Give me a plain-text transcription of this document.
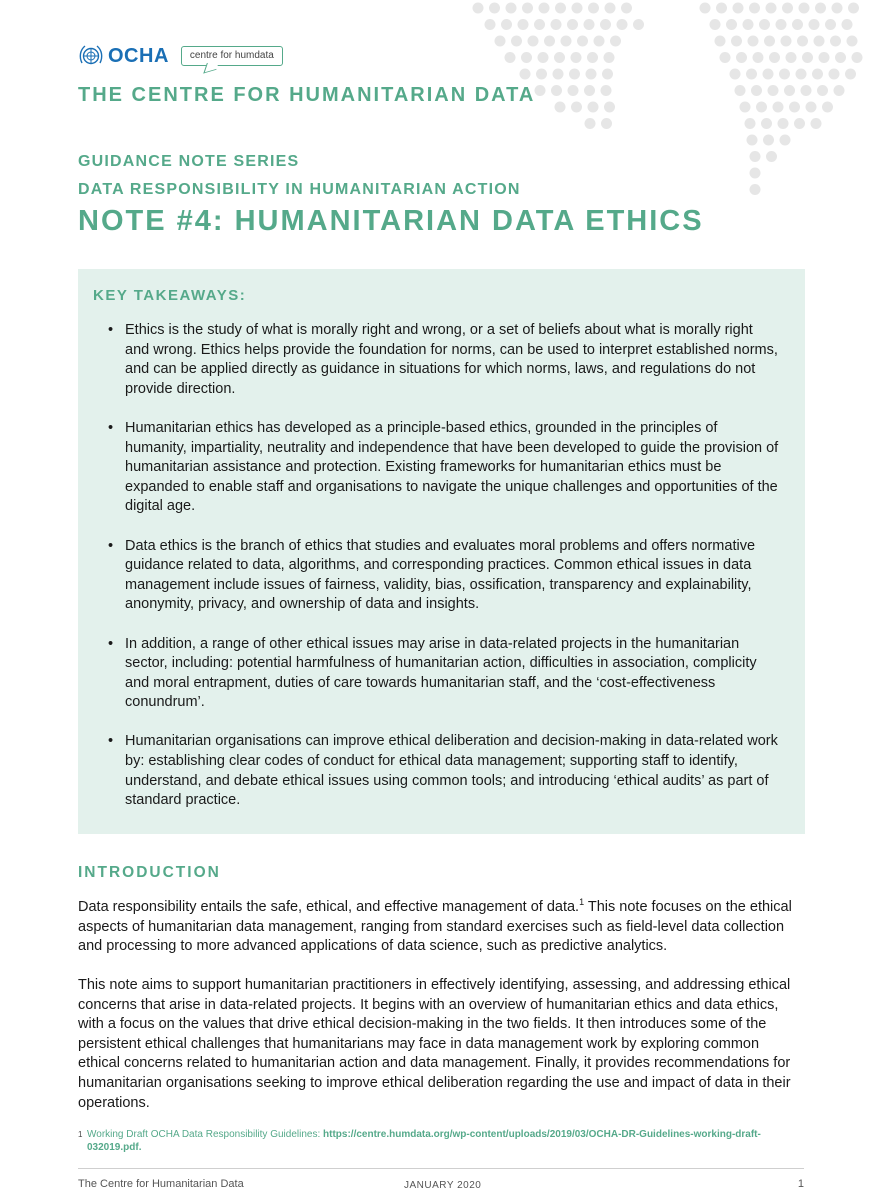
OCHA	centre for humdata
THE CENTRE FOR HUMANITARIAN DATA
GUIDANCE NOTE SERIES
DATA RESPONSIBILITY IN HUMANITARIAN ACTION
NOTE #4: HUMANITARIAN DATA ETHICS
KEY TAKEAWAYS:
• Ethics is the study of what is morally right and wrong, or a set of beliefs about what is morally right and wrong. Ethics helps provide the foundation for norms, can be used to interpret established norms, and can be applied directly as guidance in situations for which norms, laws, and regulations do not provide direction.
• Humanitarian ethics has developed as a principle-based ethics, grounded in the principles of humanity, impartiality, neutrality and independence that have been developed to guide the provision of humanitarian assistance and protection. Existing frameworks for humanitarian ethics must be expanded to enable staff and organisations to navigate the unique challenges and opportunities of the digital age.
• Data ethics is the branch of ethics that studies and evaluates moral problems and offers normative guidance related to data, algorithms, and corresponding practices. Common ethical issues in data management include issues of fairness, validity, bias, ossification, transparency and explainability, anonymity, privacy, and ownership of data and insights.
• In addition, a range of other ethical issues may arise in data-related projects in the humanitarian sector, including: potential harmfulness of humanitarian action, difficulties in association, complicity and moral entrapment, duties of care towards humanitarian staff, and the ‘cost-effectiveness conundrum’.
• Humanitarian organisations can improve ethical deliberation and decision-making in data-related work by: establishing clear codes of conduct for ethical data management; supporting staff to identify, understand, and debate ethical issues using common tools; and introducing ‘ethical audits’ as part of standard practice.
INTRODUCTION

Data responsibility entails the safe, ethical, and effective management of data.$^1$ This note focuses on the ethical aspects of humanitarian data management, ranging from standard exercises such as field-level data collection and processing to more advanced applications of data science, such as predictive analytics.

This note aims to support humanitarian practitioners in effectively identifying, assessing, and addressing ethical concerns that arise in data-related projects. It begins with an overview of humanitarian ethics and data ethics, with a focus on the values that drive ethical decision-making in the two fields. It then introduces some of the persistent ethical challenges that humanitarians may face in data management work by exploring common ethical concerns related to humanitarian action and data management. Finally, it provides recommendations for humanitarian organisations seeking to improve ethical deliberation regarding the use and impact of data in their operations.

1 Working Draft OCHA Data Responsibility Guidelines: https://centre.humdata.org/wp-content/uploads/2019/03/OCHA-DR-Guidelines-working-draft-032019.pdf.
The Centre for Humanitarian Data	JANUARY 2020	1
